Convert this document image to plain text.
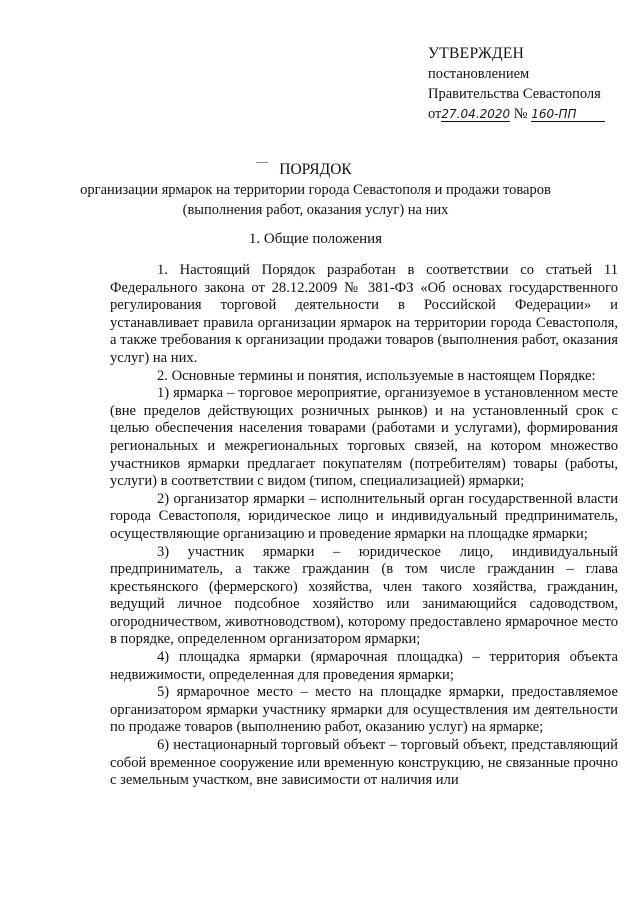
УТВЕРЖДЕН
постановлением
Правительства Севастополя
от27.04.2020 № 160-ПП
ПОРЯДОК
организации ярмарок на территории города Севастополя и продажи товаров
(выполнения работ, оказания услуг) на них
1. Общие положения

1. Настоящий Порядок разработан в соответствии со статьей 11 Федерального закона от 28.12.2009 № 381-ФЗ «Об основах государственного регулирования торговой деятельности в Российской Федерации» и устанавливает правила организации ярмарок на территории города Севастополя, а также требования к организации продажи товаров (выполнения работ, оказания услуг) на них.

2. Основные термины и понятия, используемые в настоящем Порядке:

1) ярмарка – торговое мероприятие, организуемое в установленном месте (вне пределов действующих розничных рынков) и на установленный срок с целью обеспечения населения товарами (работами и услугами), формирования региональных и межрегиональных торговых связей, на котором множество участников ярмарки предлагает покупателям (потребителям) товары (работы, услуги) в соответствии с видом (типом, специализацией) ярмарки;

2) организатор ярмарки – исполнительный орган государственной власти города Севастополя, юридическое лицо и индивидуальный предприниматель, осуществляющие организацию и проведение ярмарки на площадке ярмарки;

3) участник ярмарки – юридическое лицо, индивидуальный предприниматель, а также гражданин (в том числе гражданин – глава крестьянского (фермерского) хозяйства, член такого хозяйства, гражданин, ведущий личное подсобное хозяйство или занимающийся садоводством, огородничеством, животноводством), которому предоставлено ярмарочное место в порядке, определенном организатором ярмарки;

4) площадка ярмарки (ярмарочная площадка) – территория объекта недвижимости, определенная для проведения ярмарки;

5) ярмарочное место – место на площадке ярмарки, предоставляемое организатором ярмарки участнику ярмарки для осуществления им деятельности по продаже товаров (выполнению работ, оказанию услуг) на ярмарке;

6) нестационарный торговый объект – торговый объект, представляющий собой временное сооружение или временную конструкцию, не связанные прочно с земельным участком, вне зависимости от наличия или
